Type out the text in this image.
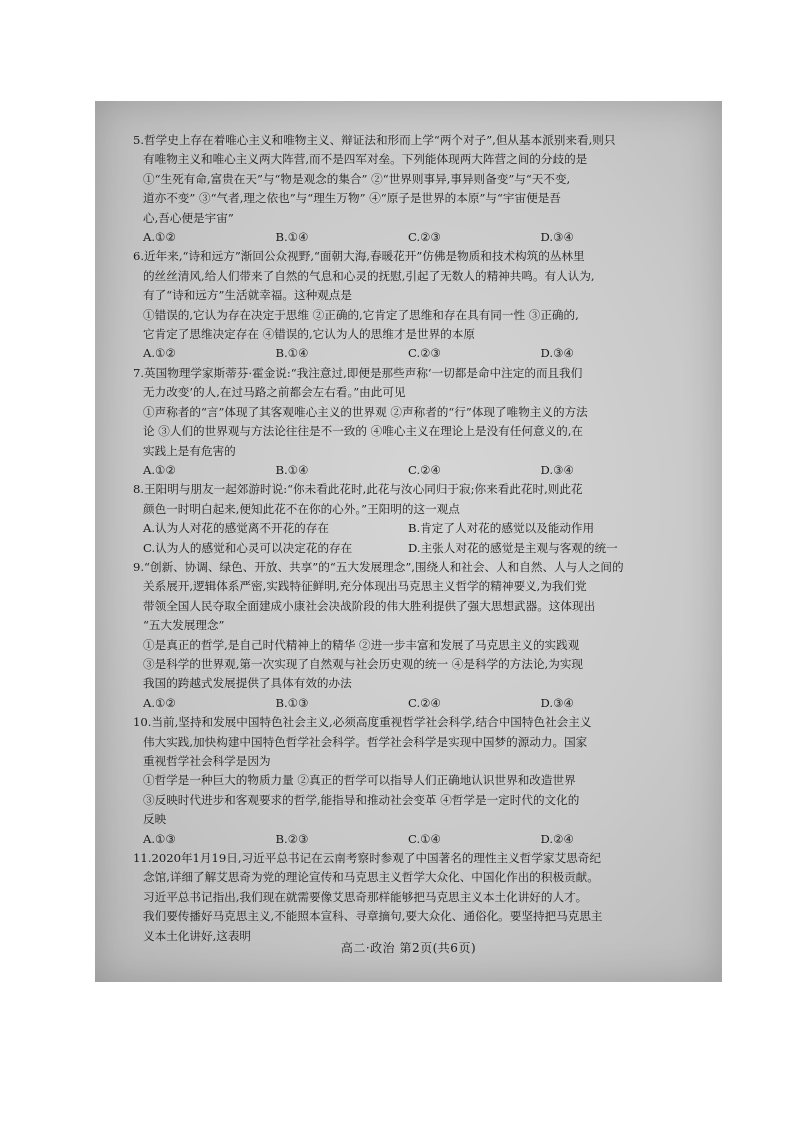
5.哲学史上存在着唯心主义和唯物主义、辩证法和形而上学“两个对子”,但从基本派别来看,则只
有唯物主义和唯心主义两大阵营,而不是四军对垒。下列能体现两大阵营之间的分歧的是
①“生死有命,富贵在天”与“物是观念的集合” ②“世界则事异,事异则备变”与“天不变,
道亦不变” ③“气者,理之依也”与“理生万物” ④“原子是世界的本原”与“宇宙便是吾
心,吾心便是宇宙”
A.①②	B.①④	C.②③	D.③④
6.近年来,“诗和远方”渐回公众视野,“面朝大海,春暖花开”仿佛是物质和技术构筑的丛林里
的丝丝清风,给人们带来了自然的气息和心灵的抚慰,引起了无数人的精神共鸣。有人认为,
有了“诗和远方”生活就幸福。这种观点是
①错误的,它认为存在决定于思维 ②正确的,它肯定了思维和存在具有同一性 ③正确的,
它肯定了思维决定存在 ④错误的,它认为人的思维才是世界的本原
A.①②	B.①④	C.②③	D.③④
7.英国物理学家斯蒂芬·霍金说:“我注意过,即便是那些声称‘一切都是命中注定的而且我们
无力改变’的人,在过马路之前都会左右看。”由此可见
①声称者的“言”体现了其客观唯心主义的世界观 ②声称者的“行”体现了唯物主义的方法
论 ③人们的世界观与方法论往往是不一致的 ④唯心主义在理论上是没有任何意义的,在
实践上是有危害的
A.①②	B.①④	C.②④	D.③④
8.王阳明与朋友一起郊游时说:“你未看此花时,此花与汝心同归于寂;你来看此花时,则此花
颜色一时明白起来,便知此花不在你的心外。”王阳明的这一观点
A.认为人对花的感觉离不开花的存在	B.肯定了人对花的感觉以及能动作用
C.认为人的感觉和心灵可以决定花的存在	D.主张人对花的感觉是主观与客观的统一
9.“创新、协调、绿色、开放、共享”的“五大发展理念”,围绕人和社会、人和自然、人与人之间的
关系展开,逻辑体系严密,实践特征鲜明,充分体现出马克思主义哲学的精神要义,为我们党
带领全国人民夺取全面建成小康社会决战阶段的伟大胜利提供了强大思想武器。这体现出
“五大发展理念”
①是真正的哲学,是自己时代精神上的精华 ②进一步丰富和发展了马克思主义的实践观
③是科学的世界观,第一次实现了自然观与社会历史观的统一 ④是科学的方法论,为实现
我国的跨越式发展提供了具体有效的办法
A.①②	B.①③	C.②④	D.③④
10.当前,坚持和发展中国特色社会主义,必须高度重视哲学社会科学,结合中国特色社会主义
伟大实践,加快构建中国特色哲学社会科学。哲学社会科学是实现中国梦的源动力。国家
重视哲学社会科学是因为
①哲学是一种巨大的物质力量 ②真正的哲学可以指导人们正确地认识世界和改造世界
③反映时代进步和客观要求的哲学,能指导和推动社会变革 ④哲学是一定时代的文化的
反映
A.①③	B.②③	C.①④	D.②④
11.2020年1月19日,习近平总书记在云南考察时参观了中国著名的理性主义哲学家艾思奇纪
念馆,详细了解艾思奇为党的理论宣传和马克思主义哲学大众化、中国化作出的积极贡献。
习近平总书记指出,我们现在就需要像艾思奇那样能够把马克思主义本土化讲好的人才。
我们要传播好马克思主义,不能照本宣科、寻章摘句,要大众化、通俗化。要坚持把马克思主
义本土化讲好,这表明
高二·政治 第2页(共6页)
